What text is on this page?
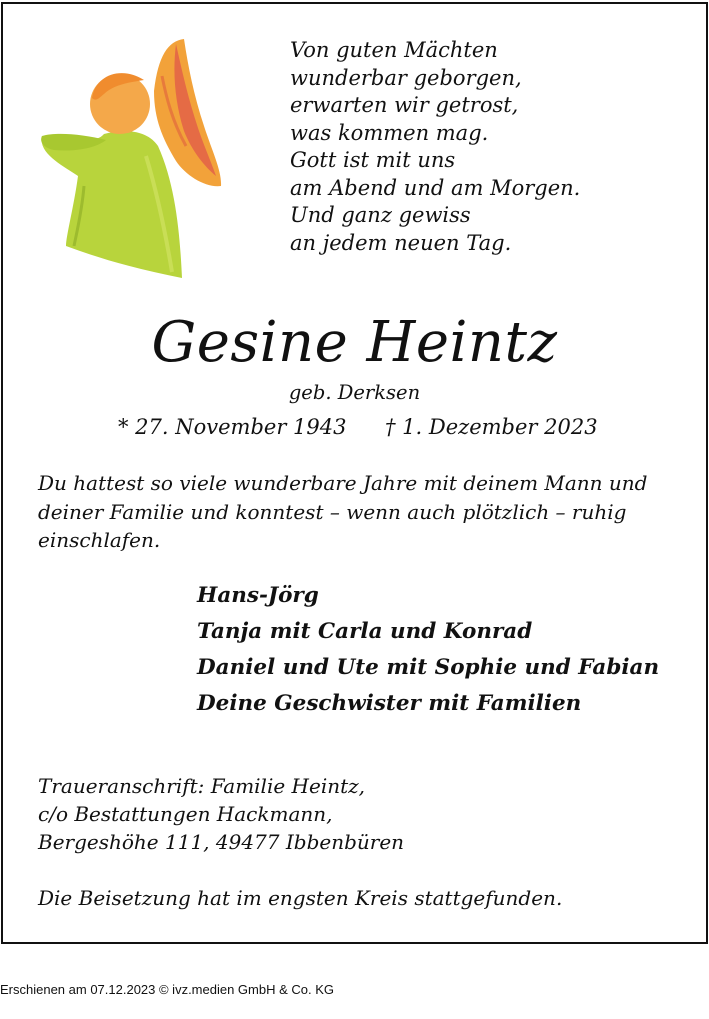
Von guten Mächten
wunderbar geborgen,
erwarten wir getrost,
was kommen mag.
Gott ist mit uns
am Abend und am Morgen.
Und ganz gewiss
an jedem neuen Tag.
Gesine Heintz
geb. Derksen
* 27. November 1943 † 1. Dezember 2023

Du hattest so viele wunderbare Jahre mit deinem Mann und deiner Familie und konntest – wenn auch plötzlich – ruhig einschlafen.

Hans-Jörg
Tanja mit Carla und Konrad
Daniel und Ute mit Sophie und Fabian
Deine Geschwister mit Familien
Traueranschrift: Familie Heintz,
c/o Bestattungen Hackmann,
Bergeshöhe 111, 49477 Ibbenbüren
Die Beisetzung hat im engsten Kreis stattgefunden.
Erschienen am 07.12.2023 © ivz.medien GmbH & Co. KG
